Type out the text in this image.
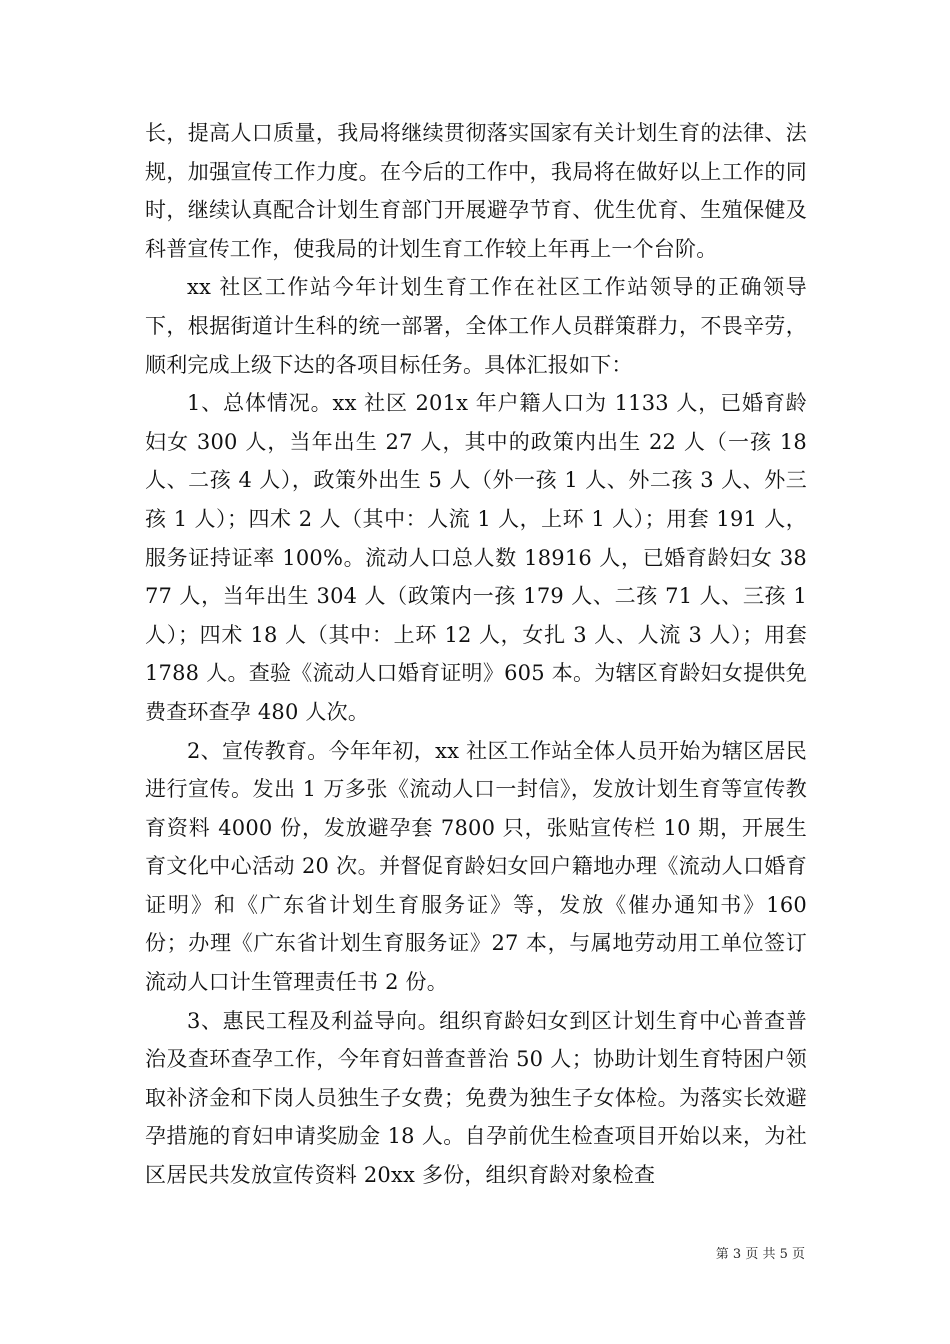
长，提高人口质量，我局将继续贯彻落实国家有关计划生育的法律、法规，加强宣传工作力度。在今后的工作中，我局将在做好以上工作的同时，继续认真配合计划生育部门开展避孕节育、优生优育、生殖保健及科普宣传工作，使我局的计划生育工作较上年再上一个台阶。

xx 社区工作站今年计划生育工作在社区工作站领导的正确领导下，根据街道计生科的统一部署，全体工作人员群策群力，不畏辛劳，顺利完成上级下达的各项目标任务。具体汇报如下：

1、总体情况。xx 社区 201x 年户籍人口为 1133 人，已婚育龄妇女 300 人，当年出生 27 人，其中的政策内出生 22 人（一孩 18 人、二孩 4 人），政策外出生 5 人（外一孩 1 人、外二孩 3 人、外三孩 1 人）；四术 2 人（其中：人流 1 人，上环 1 人）；用套 191 人，服务证持证率 100%。流动人口总人数 18916 人，已婚育龄妇女 3877 人，当年出生 304 人（政策内一孩 179 人、二孩 71 人、三孩 1 人）；四术 18 人（其中：上环 12 人，女扎 3 人、人流 3 人）；用套 1788 人。查验《流动人口婚育证明》605 本。为辖区育龄妇女提供免费查环查孕 480 人次。

2、宣传教育。今年年初，xx 社区工作站全体人员开始为辖区居民进行宣传。发出 1 万多张《流动人口一封信》，发放计划生育等宣传教育资料 4000 份，发放避孕套 7800 只，张贴宣传栏 10 期，开展生育文化中心活动 20 次。并督促育龄妇女回户籍地办理《流动人口婚育证明》和《广东省计划生育服务证》等，发放《催办通知书》160 份；办理《广东省计划生育服务证》27 本，与属地劳动用工单位签订流动人口计生管理责任书 2 份。

3、惠民工程及利益导向。组织育龄妇女到区计划生育中心普查普治及查环查孕工作，今年育妇普查普治 50 人；协助计划生育特困户领取补济金和下岗人员独生子女费；免费为独生子女体检。为落实长效避孕措施的育妇申请奖励金 18 人。自孕前优生检查项目开始以来，为社区居民共发放宣传资料 20xx 多份，组织育龄对象检查

第 3 页 共 5 页
